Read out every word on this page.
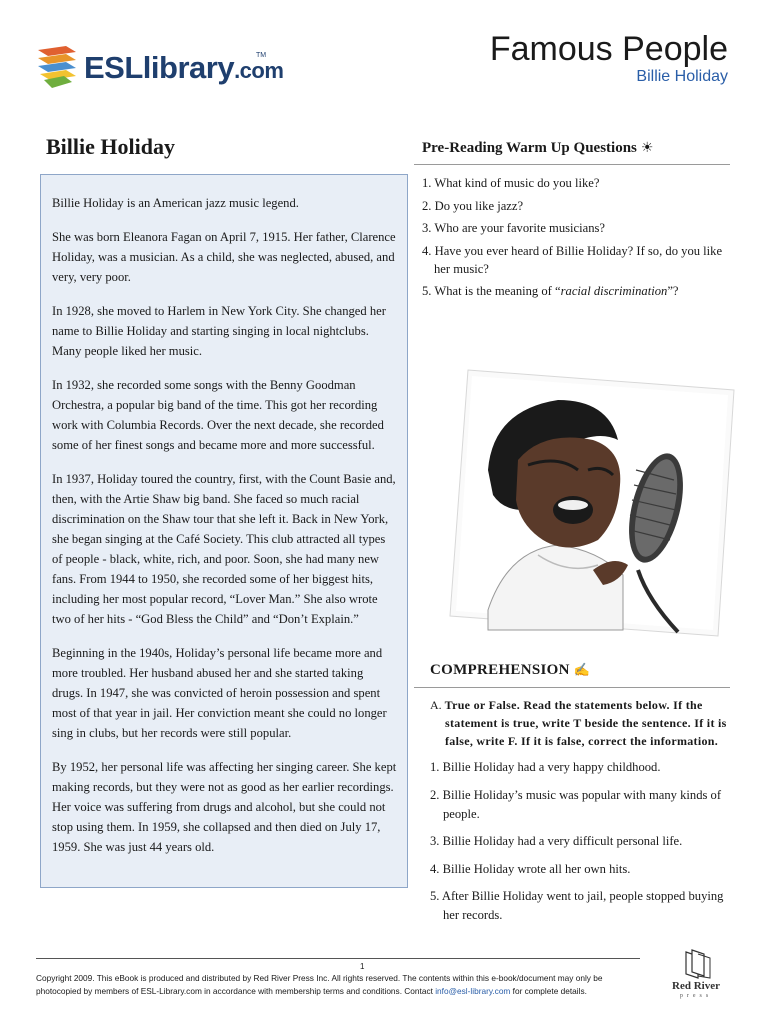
ESLlibrary.com
TM	Famous People
Billie Holiday
Billie Holiday

Billie Holiday is an American jazz music legend.

She was born Eleanora Fagan on April 7, 1915. Her father, Clarence Holiday, was a musician. As a child, she was neglected, abused, and very, very poor.

In 1928, she moved to Harlem in New York City. She changed her name to Billie Holiday and starting singing in local nightclubs. Many people liked her music.

In 1932, she recorded some songs with the Benny Goodman Orchestra, a popular big band of the time. This got her recording work with Columbia Records. Over the next decade, she recorded some of her finest songs and became more and more successful.

In 1937, Holiday toured the country, first, with the Count Basie and, then, with the Artie Shaw big band. She faced so much racial discrimination on the Shaw tour that she left it. Back in New York, she began singing at the Café Society. This club attracted all types of people - black, white, rich, and poor. Soon, she had many new fans. From 1944 to 1950, she recorded some of her biggest hits, including her most popular record, “Lover Man.” She also wrote two of her hits - “God Bless the Child” and “Don’t Explain.”

Beginning in the 1940s, Holiday’s personal life became more and more troubled. Her husband abused her and she started taking drugs. In 1947, she was convicted of heroin possession and spent most of that year in jail. Her conviction meant she could no longer sing in clubs, but her records were still popular.

By 1952, her personal life was affecting her singing career. She kept making records, but they were not as good as her earlier recordings. Her voice was suffering from drugs and alcohol, but she could not stop using them. In 1959, she collapsed and then died on July 17, 1959. She was just 44 years old.

Pre-Reading Warm Up Questions ☀
1. What kind of music do you like?
2. Do you like jazz?
3. Who are your favorite musicians?
4. Have you ever heard of Billie Holiday? If so, do you like
her music?
5. What is the meaning of “racial discrimination”?
COMPREHENSION ✍
A. True or False. Read the statements below. If the
statement is true, write T beside the sentence. If it is
false, write F. If it is false, correct the information.
1. Billie Holiday had a very happy childhood.
2. Billie Holiday’s music was popular with many kinds of
people.
3. Billie Holiday had a very difficult personal life.
4. Billie Holiday wrote all her own hits.
5. After Billie Holiday went to jail, people stopped buying
her records.
1
Copyright 2009. This eBook is produced and distributed by Red River Press Inc. All rights reserved. The contents within this e-book/document may only be
photocopied by members of ESL-Library.com in accordance with membership terms and conditions. Contact info@esl-library.com for complete details.	Red River
press
